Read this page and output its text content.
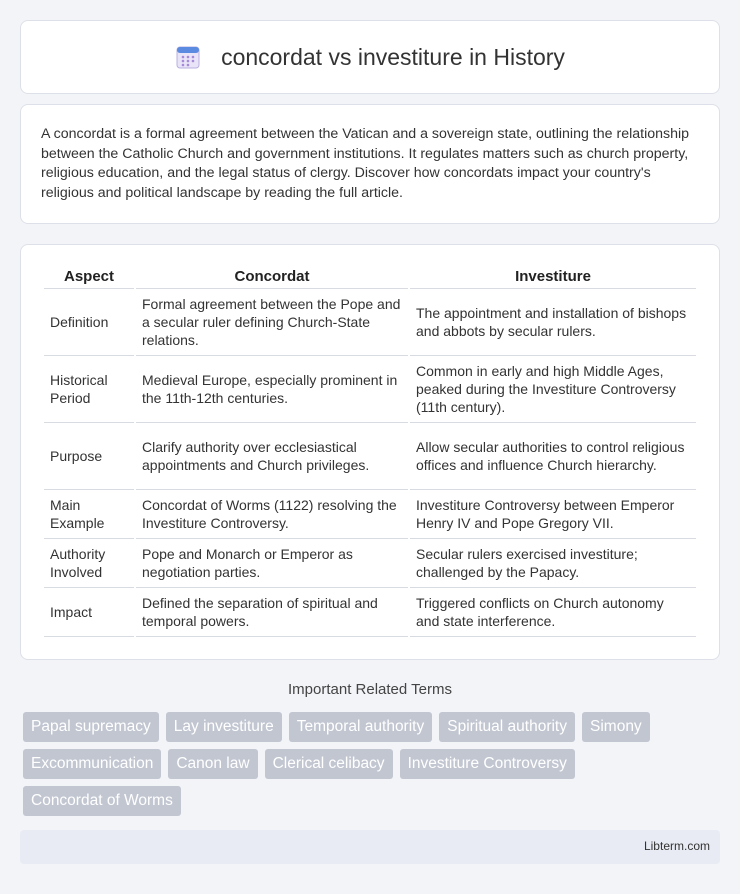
concordat vs investiture in History

A concordat is a formal agreement between the Vatican and a sovereign state, outlining the relationship between the Catholic Church and government institutions. It regulates matters such as church property, religious education, and the legal status of clergy. Discover how concordats impact your country's religious and political landscape by reading the full article.

Aspect	Concordat	Investiture
Definition	Formal agreement between the Pope and a secular ruler defining Church-State relations.	The appointment and installation of bishops and abbots by secular rulers.
Historical Period	Medieval Europe, especially prominent in the 11th-12th centuries.	Common in early and high Middle Ages, peaked during the Investiture Controversy (11th century).
Purpose	Clarify authority over ecclesiastical appointments and Church privileges.	Allow secular authorities to control religious offices and influence Church hierarchy.
Main Example	Concordat of Worms (1122) resolving the Investiture Controversy.	Investiture Controversy between Emperor Henry IV and Pope Gregory VII.
Authority Involved	Pope and Monarch or Emperor as negotiation parties.	Secular rulers exercised investiture; challenged by the Papacy.
Impact	Defined the separation of spiritual and temporal powers.	Triggered conflicts on Church autonomy and state interference.
Important Related Terms
Papal supremacy	Lay investiture	Temporal authority	Spiritual authority	Simony
Excommunication	Canon law	Clerical celibacy	Investiture Controversy
Concordat of Worms
Libterm.com
